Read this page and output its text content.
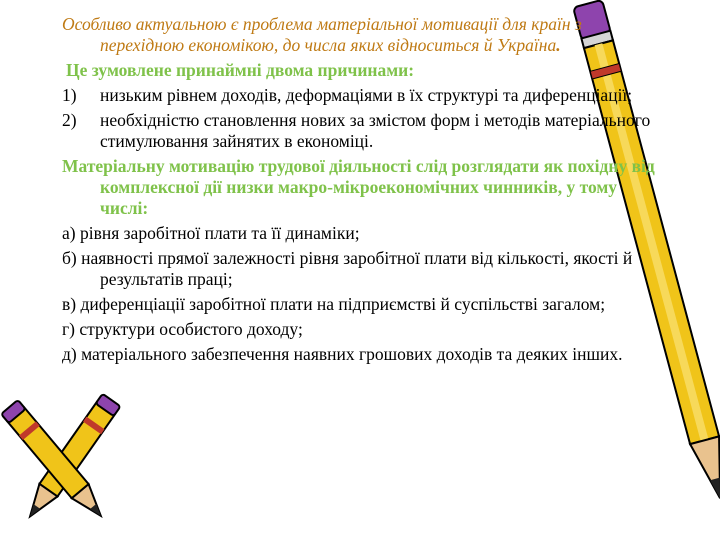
Особливо актуальною є проблема матеріальної мотивації для країн з перехідною економікою, до числа яких відноситься й Україна.

Це зумовлене принаймні двома причинами:

1) низьким рівнем доходів, деформаціями в їх структурі та диференціації;

2) необхідністю становлення нових за змістом форм і методів матеріального стимулювання зайнятих в економіці.

Матеріальну мотивацію трудової діяльності слід розглядати як похідну від комплексної дії низки макро-мікроекономічних чинників, у тому числі:

а) рівня заробітної плати та її динаміки;

б) наявності прямої залежності рівня заробітної плати від кількості, якості й результатів праці;

в) диференціації заробітної плати на підприємстві й суспільстві загалом;

г) структури особистого доходу;

д) матеріального забезпечення наявних грошових доходів та деяких інших.
